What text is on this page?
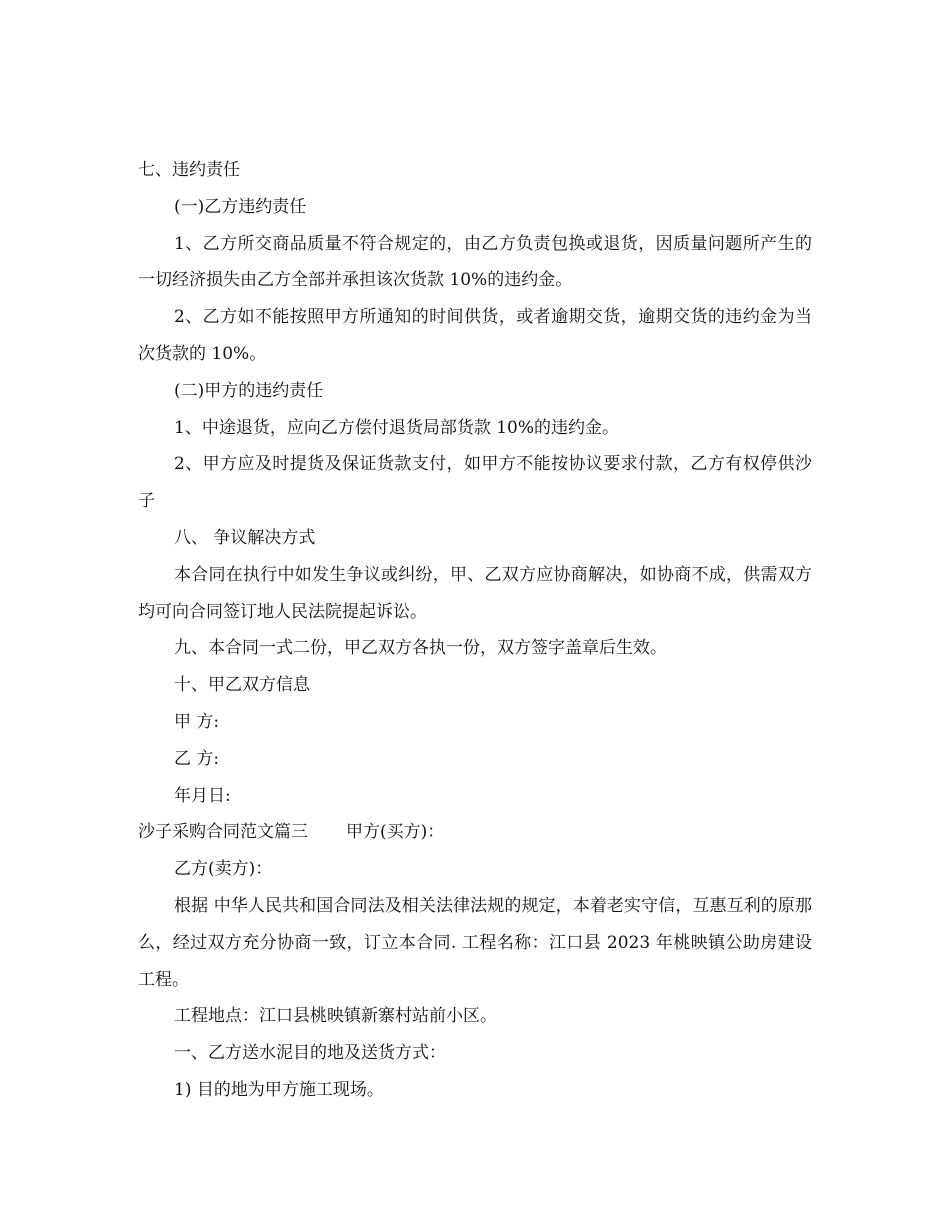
七、违约责任

(一)乙方违约责任

1、乙方所交商品质量不符合规定的，由乙方负责包换或退货，因质量问题所产生的一切经济损失由乙方全部并承担该次货款 10%的违约金。

2、乙方如不能按照甲方所通知的时间供货，或者逾期交货，逾期交货的违约金为当次货款的 10%。

(二)甲方的违约责任

1、中途退货，应向乙方偿付退货局部货款 10%的违约金。

2、甲方应及时提货及保证货款支付，如甲方不能按协议要求付款，乙方有权停供沙子

八、 争议解决方式

本合同在执行中如发生争议或纠纷，甲、乙双方应协商解决，如协商不成，供需双方均可向合同签订地人民法院提起诉讼。

九、本合同一式二份，甲乙双方各执一份，双方签字盖章后生效。

十、甲乙双方信息

甲 方:

乙 方:

年月日:

沙子采购合同范文篇三 甲方(买方)：

乙方(卖方)：

根据 中华人民共和国合同法及相关法律法规的规定，本着老实守信，互惠互利的原那么，经过双方充分协商一致，订立本合同. 工程名称：江口县 2023 年桃映镇公助房建设工程。

工程地点：江口县桃映镇新寨村站前小区。

一、乙方送水泥目的地及送货方式：

1) 目的地为甲方施工现场。
